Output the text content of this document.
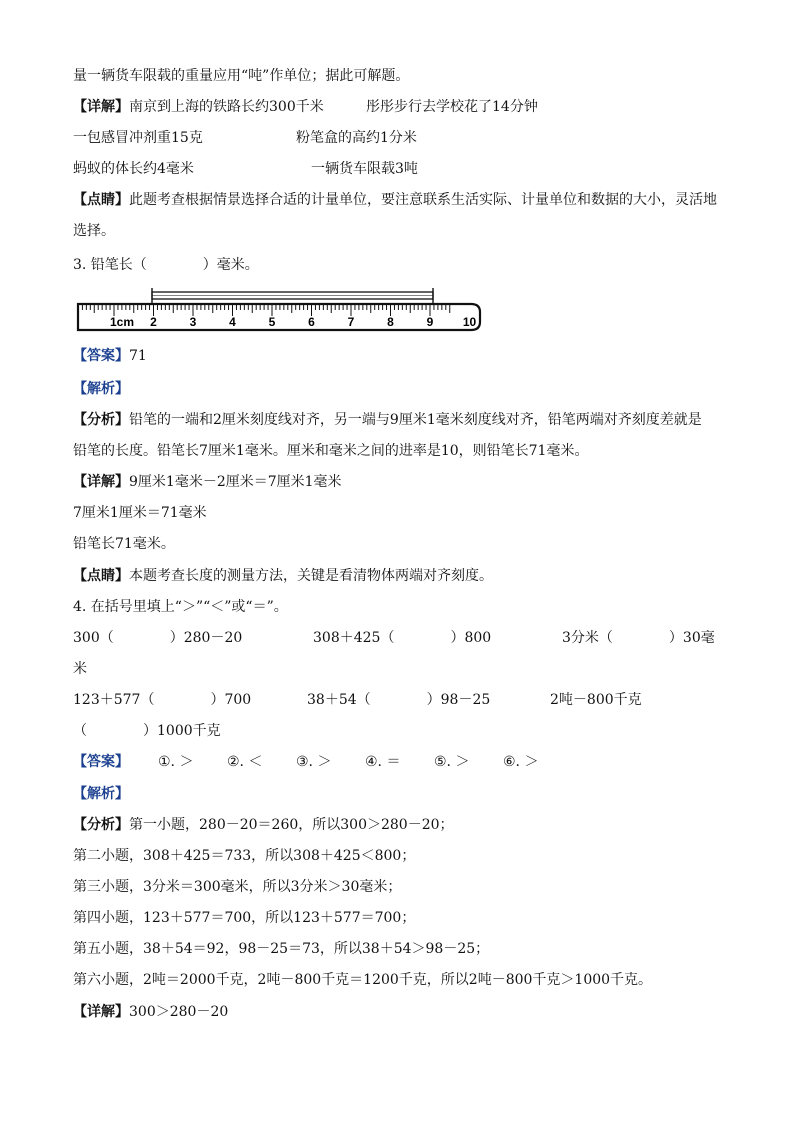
量一辆货车限载的重量应用“吨”作单位；据此可解题。
【详解】南京到上海的铁路长约300千米	彤彤步行去学校花了14分钟
一包感冒冲剂重15克	粉笔盒的高约1分米
蚂蚁的体长约4毫米	一辆货车限载3吨
【点睛】此题考查根据情景选择合适的计量单位，要注意联系生活实际、计量单位和数据的大小，灵活地
选择。
3. 铅笔长（　　　　）毫米。
1cm 2	3	4	5	6	7	8	9 10
【答案】71
【解析】
【分析】铅笔的一端和2厘米刻度线对齐，另一端与9厘米1毫米刻度线对齐，铅笔两端对齐刻度差就是
铅笔的长度。铅笔长7厘米1毫米。厘米和毫米之间的进率是10，则铅笔长71毫米。
【详解】9厘米1毫米－2厘米＝7厘米1毫米
7厘米1厘米＝71毫米
铅笔长71毫米。
【点睛】本题考查长度的测量方法，关键是看清物体两端对齐刻度。
4. 在括号里填上“＞”“＜”或“＝”。
300（　　　　）280－20	308＋425（　　　　）800	3分米（　　　　）30毫
米
123＋577（　　　　）700	38＋54（　　　　）98－25	2吨－800千克
（　　　　）1000千克
【答案】 ①. ＞ ②. ＜ ③. ＞ ④. ＝ ⑤. ＞ ⑥. ＞
【解析】
【分析】第一小题，280－20＝260，所以300＞280－20；
第二小题，308＋425＝733，所以308＋425＜800；
第三小题，3分米＝300毫米，所以3分米＞30毫米；
第四小题，123＋577＝700，所以123＋577＝700；
第五小题，38＋54＝92，98－25＝73，所以38＋54＞98－25；
第六小题，2吨＝2000千克，2吨－800千克＝1200千克，所以2吨－800千克＞1000千克。
【详解】300＞280－20
